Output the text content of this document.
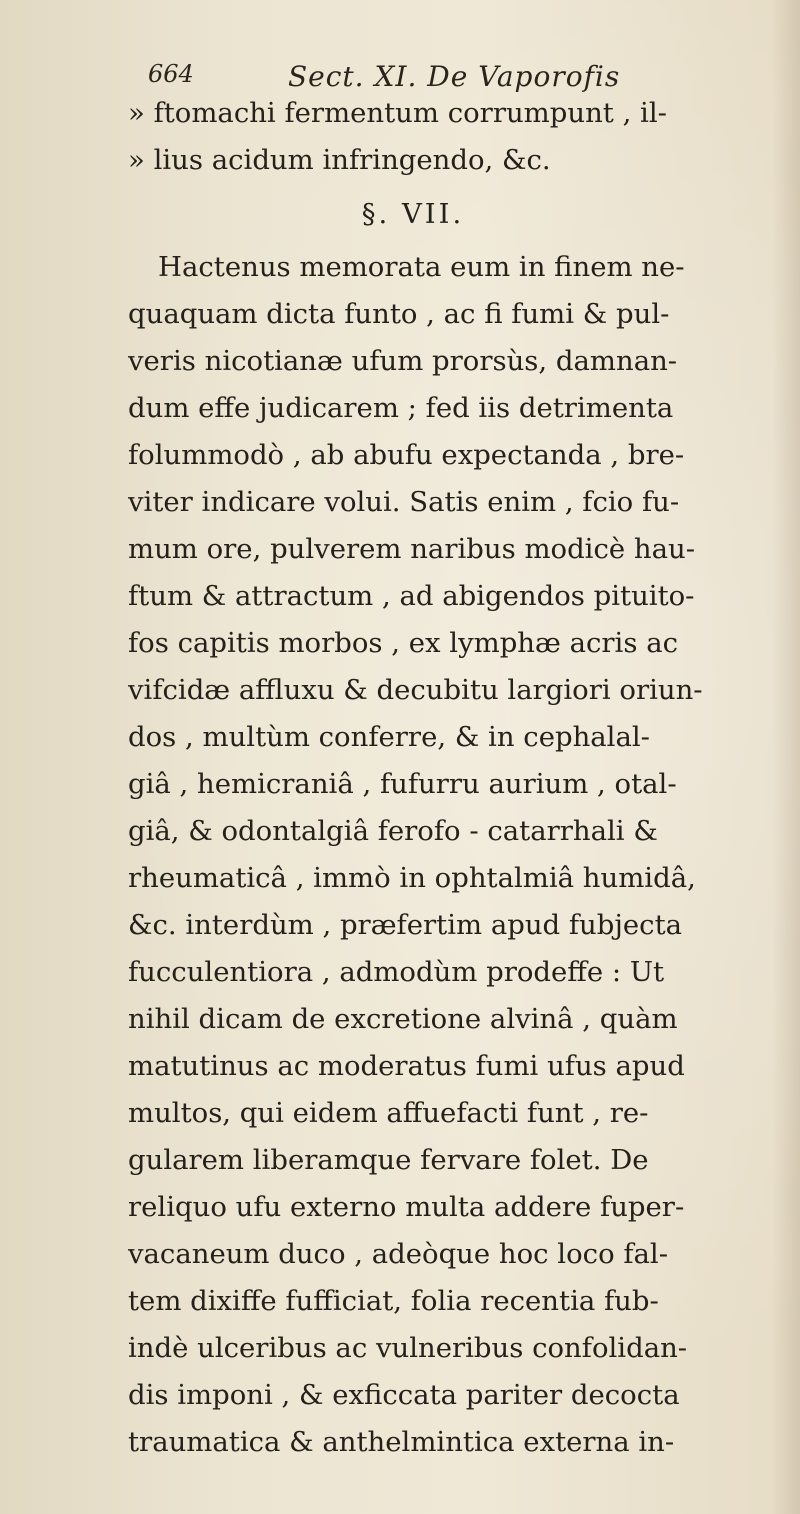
664	Sect. XI. De Vaporofis
» ftomachi fermentum corrumpunt , il-
» lius acidum infringendo, &c.
§. VII.
Hactenus memorata eum in finem ne-
quaquam dicta funto , ac fi fumi & pul-
veris nicotianæ ufum prorsùs, damnan-
dum effe judicarem ; fed iis detrimenta
folummodò , ab abufu expectanda , bre-
viter indicare volui. Satis enim , fcio fu-
mum ore, pulverem naribus modicè hau-
ftum & attractum , ad abigendos pituito-
fos capitis morbos , ex lymphæ acris ac
vifcidæ affluxu & decubitu largiori oriun-
dos , multùm conferre, & in cephalal-
giâ , hemicraniâ , fufurru aurium , otal-
giâ, & odontalgiâ ferofo - catarrhali &
rheumaticâ , immò in ophtalmiâ humidâ,
&c. interdùm , præfertim apud fubjecta
fucculentiora , admodùm prodeffe : Ut
nihil dicam de excretione alvinâ , quàm
matutinus ac moderatus fumi ufus apud
multos, qui eidem affuefacti funt , re-
gularem liberamque fervare folet. De
reliquo ufu externo multa addere fuper-
vacaneum duco , adeòque hoc loco fal-
tem dixiffe fufficiat, folia recentia fub-
indè ulceribus ac vulneribus confolidan-
dis imponi , & exficcata pariter decocta
traumatica & anthelmintica externa in-
